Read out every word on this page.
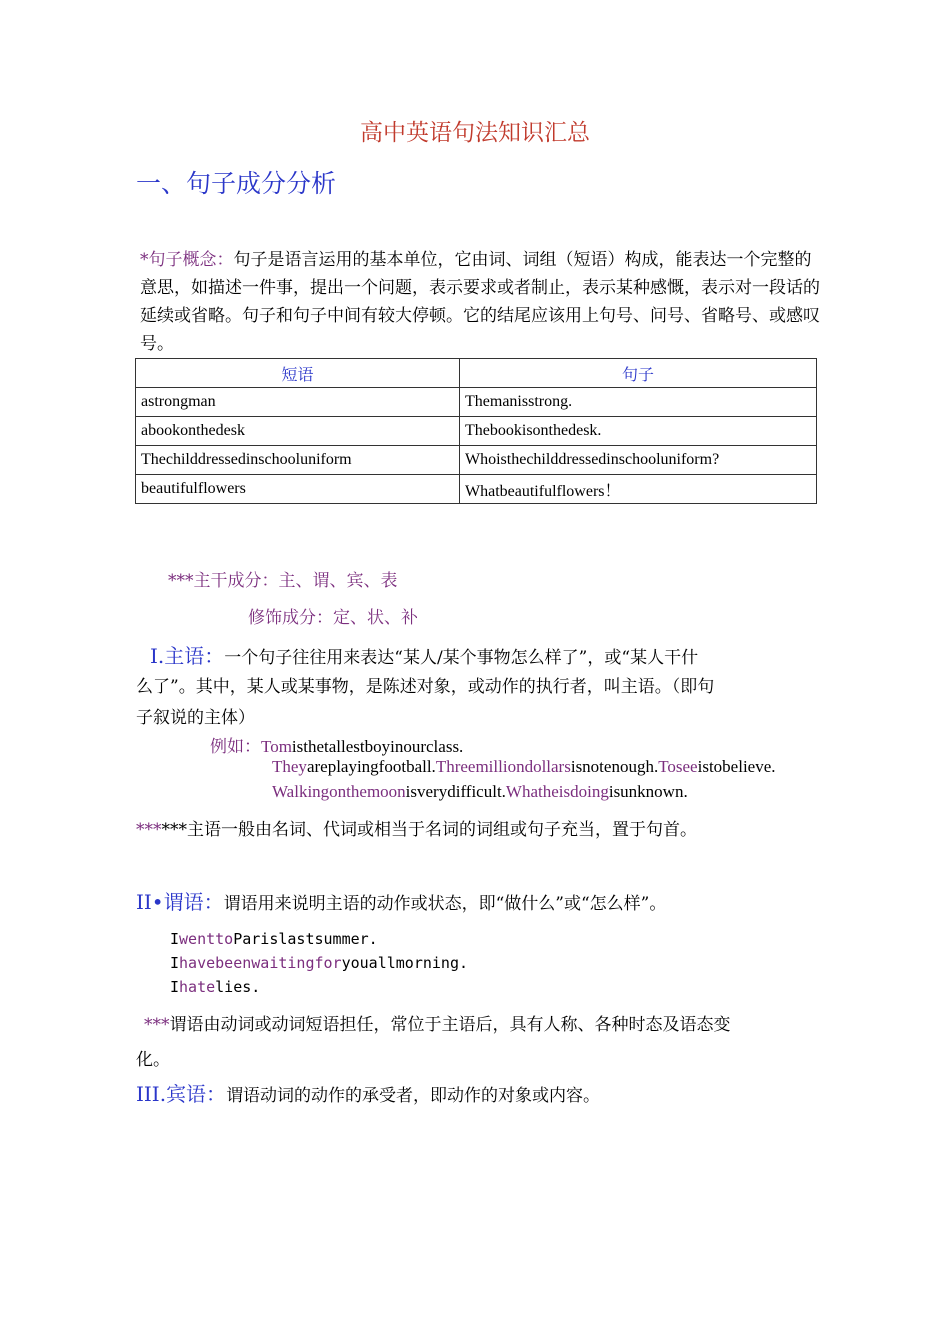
高中英语句法知识汇总
一、句子成分分析
*句子概念：句子是语言运用的基本单位，它由词、词组（短语）构成，能表达一个完整的意思，如描述一件事，提出一个问题，表示要求或者制止，表示某种感慨，表示对一段话的延续或省略。句子和句子中间有较大停顿。它的结尾应该用上句号、问号、省略号、或感叹号。
短语	句子
astrongman	Themanisstrong.
abookonthedesk	Thebookisonthedesk.
Thechilddressedinschooluniform	Whoisthechilddressedinschooluniform?
beautifulflowers	Whatbeautifulflowers！
***主干成分：主、谓、宾、表
修饰成分：定、状、补
I.主语：一个句子往往用来表达“某人/某个事物怎么样了”，或“某人干什
么了”。其中，某人或某事物，是陈述对象，或动作的执行者，叫主语。（即句
子叙说的主体）
例如：Tomisthetallestboyinourclass.
Theyareplayingfootball.Threemilliondollarsisnotenough.Toseeistobelieve.
Walkingonthemoonisverydifficult.Whatheisdoingisunknown.
******主语一般由名词、代词或相当于名词的词组或句子充当，置于句首。
II•谓语：谓语用来说明主语的动作或状态，即“做什么”或“怎么样”。
IwenttoParislastsummer.
Ihavebeenwaitingforyouallmorning.
Ihatelies.
***谓语由动词或动词短语担任，常位于主语后，具有人称、各种时态及语态变
化。
III.宾语：谓语动词的动作的承受者，即动作的对象或内容。
